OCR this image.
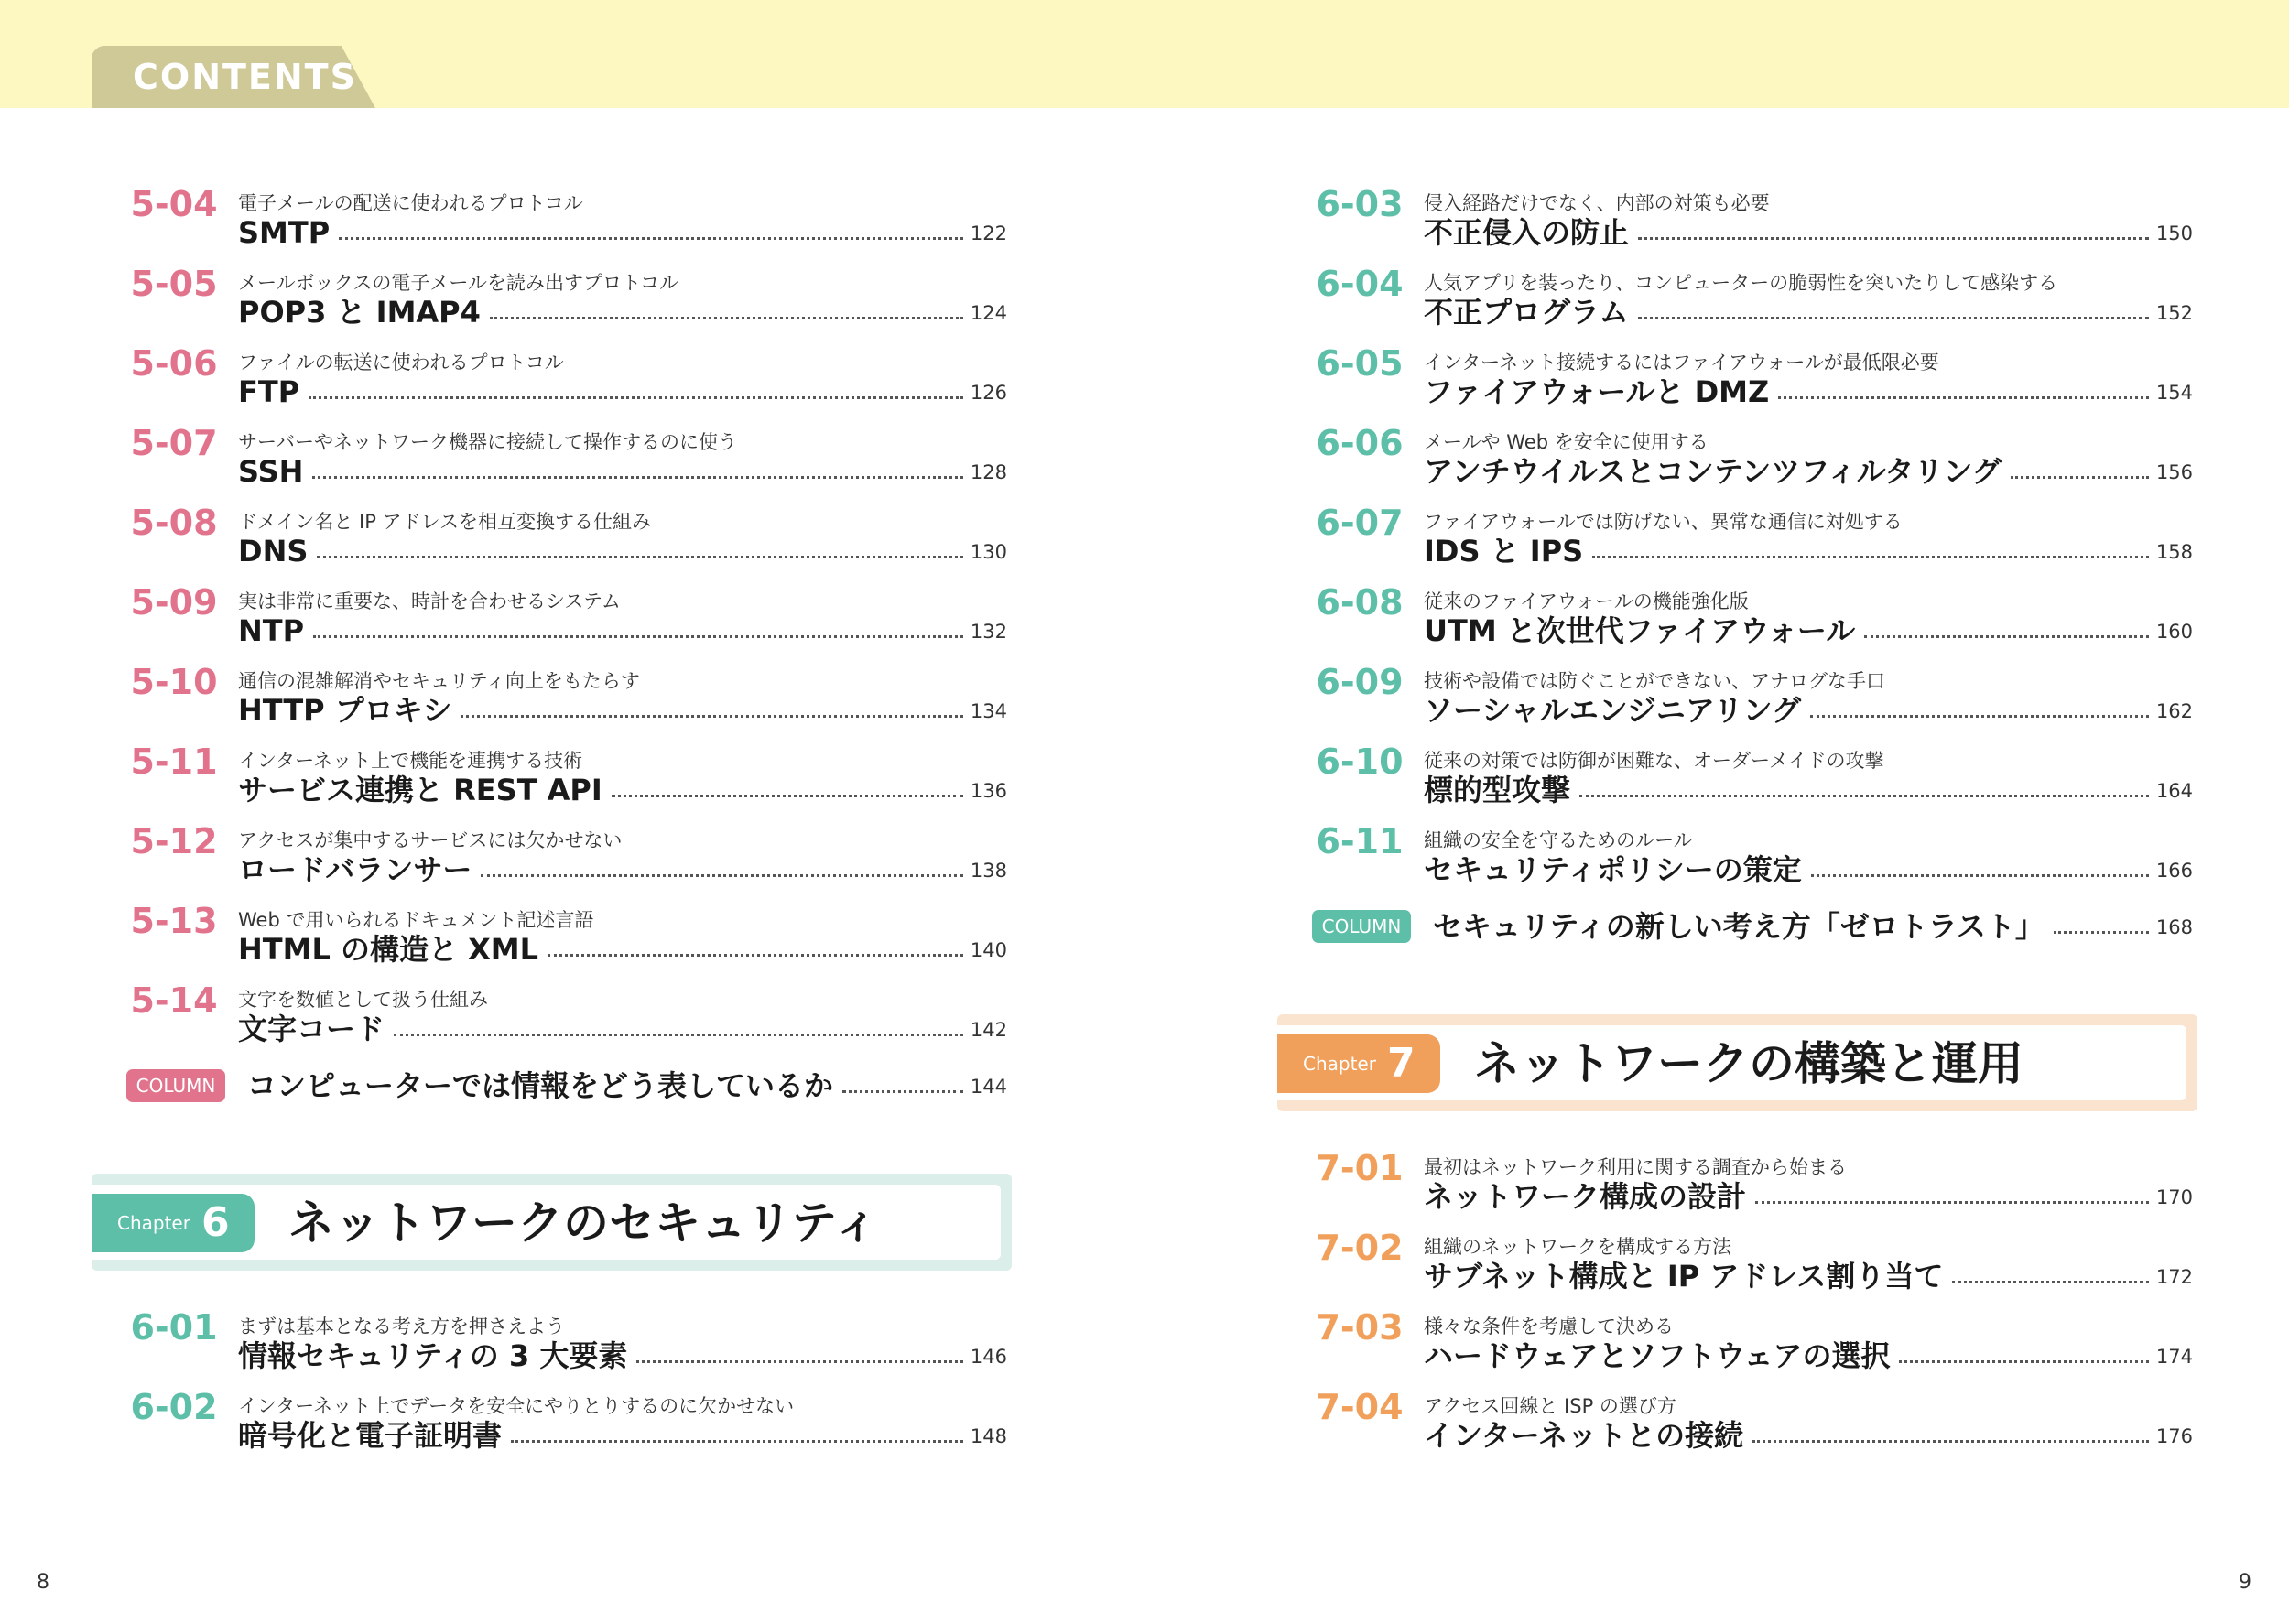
CONTENTS
5-04	電子メールの配送に使われるプロトコル
SMTP	122
5-05	メールボックスの電子メールを読み出すプロトコル
POP3 と IMAP4	124
5-06	ファイルの転送に使われるプロトコル
FTP	126
5-07	サーバーやネットワーク機器に接続して操作するのに使う
SSH	128
5-08	ドメイン名と IP アドレスを相互変換する仕組み
DNS	130
5-09	実は非常に重要な、時計を合わせるシステム
NTP	132
5-10	通信の混雑解消やセキュリティ向上をもたらす
HTTP プロキシ	134
5-11	インターネット上で機能を連携する技術
サービス連携と REST API	136
5-12	アクセスが集中するサービスには欠かせない
ロードバランサー	138
5-13	Web で用いられるドキュメント記述言語
HTML の構造と XML	140
5-14	文字を数値として扱う仕組み
文字コード	142
COLUMN	コンピューターでは情報をどう表しているか	144
Chapter 6 ネットワークのセキュリティ
6-01	まずは基本となる考え方を押さえよう
情報セキュリティの 3 大要素	146
6-02	インターネット上でデータを安全にやりとりするのに欠かせない
暗号化と電子証明書	148
8
6-03	侵入経路だけでなく、内部の対策も必要
不正侵入の防止	150
6-04	人気アプリを装ったり、コンピューターの脆弱性を突いたりして感染する
不正プログラム	152
6-05	インターネット接続するにはファイアウォールが最低限必要
ファイアウォールと DMZ	154
6-06	メールや Web を安全に使用する
アンチウイルスとコンテンツフィルタリング	156
6-07	ファイアウォールでは防げない、異常な通信に対処する
IDS と IPS	158
6-08	従来のファイアウォールの機能強化版
UTM と次世代ファイアウォール	160
6-09	技術や設備では防ぐことができない、アナログな手口
ソーシャルエンジニアリング	162
6-10	従来の対策では防御が困難な、オーダーメイドの攻撃
標的型攻撃	164
6-11	組織の安全を守るためのルール
セキュリティポリシーの策定	166
COLUMN	セキュリティの新しい考え方「ゼロトラスト」	168
Chapter 7 ネットワークの構築と運用
7-01	最初はネットワーク利用に関する調査から始まる
ネットワーク構成の設計	170
7-02	組織のネットワークを構成する方法
サブネット構成と IP アドレス割り当て	172
7-03	様々な条件を考慮して決める
ハードウェアとソフトウェアの選択	174
7-04	アクセス回線と ISP の選び方
インターネットとの接続	176
9
